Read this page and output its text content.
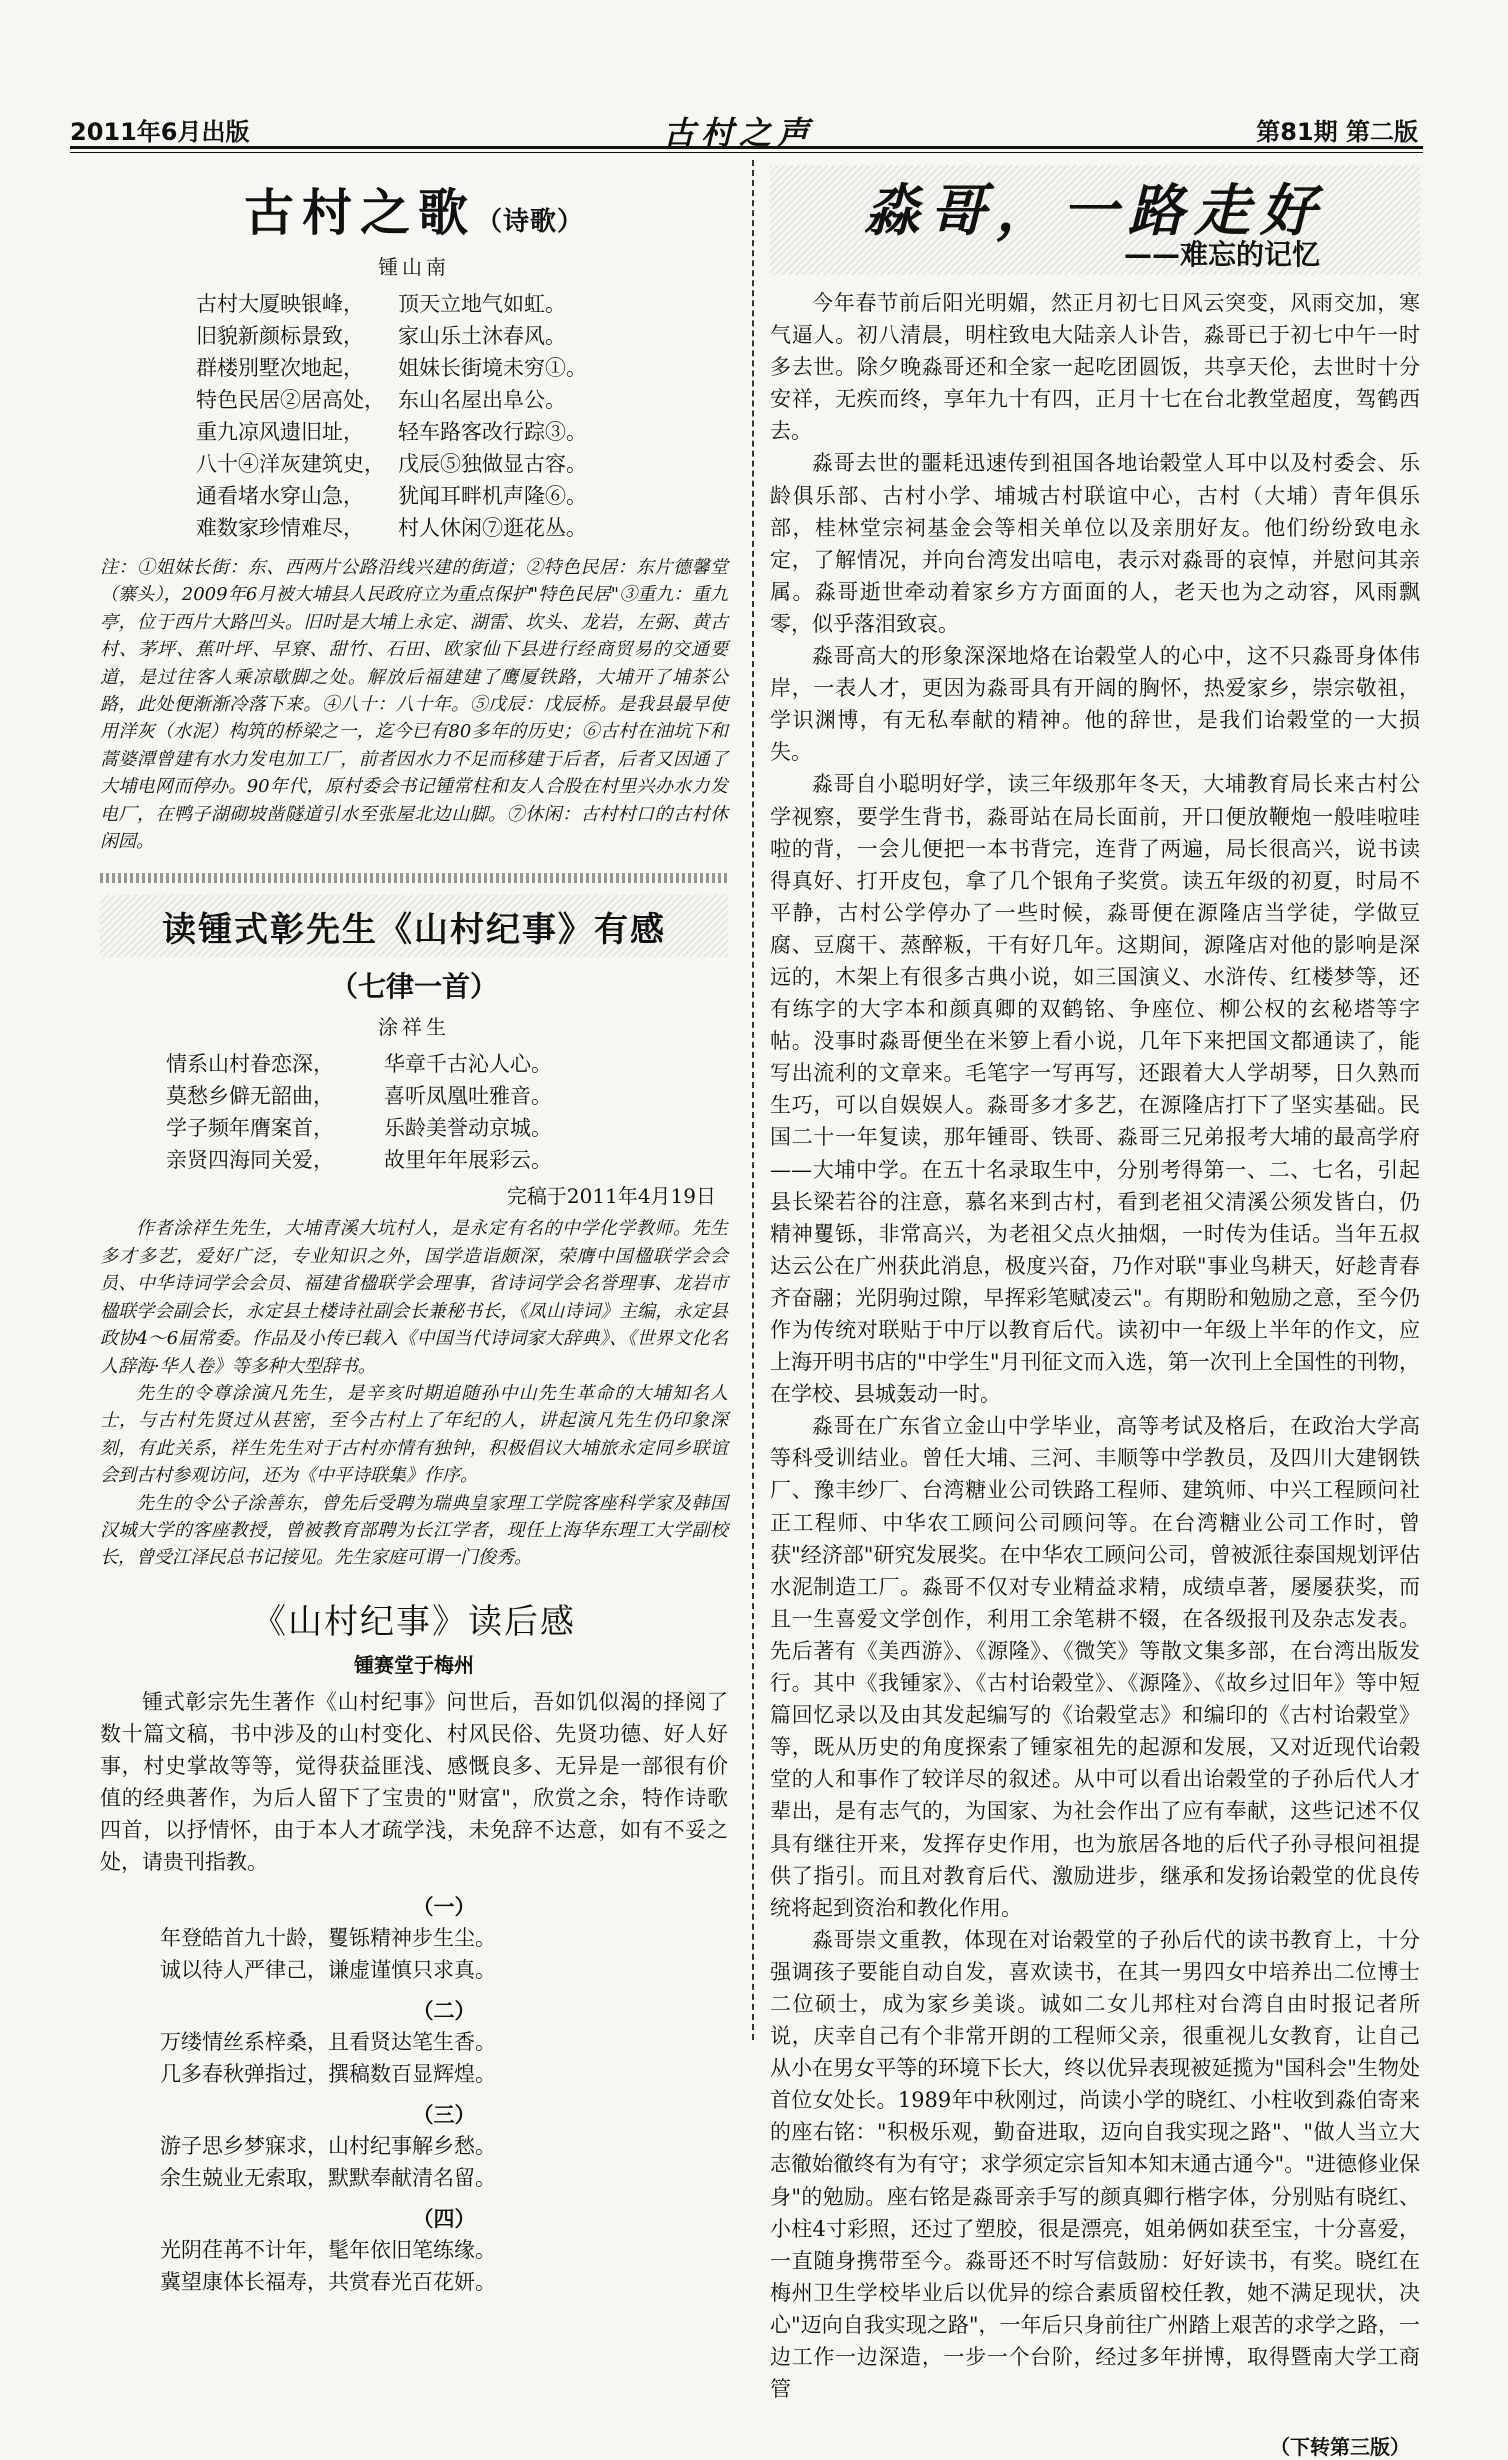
2011年6月出版	古村之声	第81期 第二版
古村之歌（诗歌）
锺山南
古村大厦映银峰， 顶天立地气如虹。
旧貌新颜标景致， 家山乐土沐春风。
群楼別墅次地起， 姐妹长街境未穷①。
特色民居②居高处， 东山名屋出阜公。
重九凉风遗旧址， 轻车路客改行踪③。
八十④洋灰建筑史， 戊辰⑤独做显古容。
通看堵水穿山急， 犹闻耳畔机声隆⑥。
难数家珍情难尽， 村人休闲⑦逛花丛。

注：①姐妹长街：东、西两片公路沿线兴建的街道；②特色民居：东片德馨堂（寨头），2009年6月被大埔县人民政府立为重点保护"特色民居"③重九：重九亭，位于西片大路凹头。旧时是大埔上永定、湖雷、坎头、龙岩，左弼、黄古村、茅坪、蕉叶坪、早寮、甜竹、石田、欧家仙下县进行经商贸易的交通要道，是过往客人乘凉歇脚之处。解放后福建建了鹰厦铁路，大埔开了埔茶公路，此处便渐渐冷落下来。④八十：八十年。⑤戊辰：戊辰桥。是我县最早使用洋灰（水泥）构筑的桥梁之一，迄今已有80多年的历史；⑥古村在油坑下和蒿婆潭曾建有水力发电加工厂，前者因水力不足而移建于后者，后者又因通了大埔电网而停办。90年代，原村委会书记锺常柱和友人合股在村里兴办水力发电厂，在鸭子湖砌坡凿隧道引水至张屋北边山脚。⑦休闲：古村村口的古村休闲园。

读锺式彰先生《山村纪事》有感
（七律一首）
涂祥生
情系山村眷恋深， 华章千古沁人心。
莫愁乡僻无韶曲， 喜听凤凰吐雅音。
学子频年膺案首， 乐龄美誉动京城。
亲贤四海同关爱， 故里年年展彩云。
完稿于2011年4月19日

作者涂祥生先生，大埔青溪大坑村人，是永定有名的中学化学教师。先生多才多艺，爱好广泛，专业知识之外，国学造诣颇深，荣膺中国楹联学会会员、中华诗词学会会员、福建省楹联学会理事，省诗词学会名誉理事、龙岩市楹联学会副会长，永定县土楼诗社副会长兼秘书长，《凤山诗词》主编，永定县政协4～6届常委。作品及小传已载入《中国当代诗词家大辞典》、《世界文化名人辞海·华人卷》等多种大型辞书。

先生的令尊涂演凡先生，是辛亥时期追随孙中山先生革命的大埔知名人士，与古村先贤过从甚密，至今古村上了年纪的人，讲起演凡先生仍印象深刻，有此关系，祥生先生对于古村亦情有独钟，积极倡议大埔旅永定同乡联谊会到古村参观访问，还为《中平诗联集》作序。

先生的令公子涂善东，曾先后受聘为瑞典皇家理工学院客座科学家及韩国汉城大学的客座教授，曾被教育部聘为长江学者，现任上海华东理工大学副校长，曾受江泽民总书记接见。先生家庭可谓一门俊秀。

《山村纪事》读后感
锺赛堂于梅州

锺式彰宗先生著作《山村纪事》问世后，吾如饥似渴的择阅了数十篇文稿，书中涉及的山村变化、村风民俗、先贤功德、好人好事，村史掌故等等，觉得获益匪浅、感慨良多、无异是一部很有价值的经典著作，为后人留下了宝贵的"财富"，欣赏之余，特作诗歌四首，以抒情怀，由于本人才疏学浅，未免辞不达意，如有不妥之处，请贵刊指教。

（一）
年登皓首九十龄，矍铄精神步生尘。
诚以待人严律己，谦虚谨慎只求真。
（二）
万缕情丝系梓桑，且看贤达笔生香。
几多春秋弹指过，撰稿数百显辉煌。
（三）
游子思乡梦寐求，山村纪事解乡愁。
余生兢业无索取，默默奉献清名留。
（四）
光阴荏苒不计年，髦年依旧笔练缘。
冀望康体长福寿，共赏春光百花妍。
淼哥，一路走好
——难忘的记忆

今年春节前后阳光明媚，然正月初七日风云突变，风雨交加，寒气逼人。初八清晨，明柱致电大陆亲人讣告，淼哥已于初七中午一时多去世。除夕晚淼哥还和全家一起吃团圆饭，共享天伦，去世时十分安祥，无疾而终，享年九十有四，正月十七在台北教堂超度，驾鹤西去。

淼哥去世的噩耗迅速传到祖国各地诒榖堂人耳中以及村委会、乐龄俱乐部、古村小学、埔城古村联谊中心，古村（大埔）青年俱乐部，桂林堂宗祠基金会等相关单位以及亲朋好友。他们纷纷致电永定，了解情况，并向台湾发出唁电，表示对淼哥的哀悼，并慰问其亲属。淼哥逝世牵动着家乡方方面面的人，老天也为之动容，风雨飘零，似乎落泪致哀。

淼哥高大的形象深深地烙在诒榖堂人的心中，这不只淼哥身体伟岸，一表人才，更因为淼哥具有开阔的胸怀，热爱家乡，崇宗敬祖，学识渊博，有无私奉献的精神。他的辞世，是我们诒榖堂的一大损失。

淼哥自小聪明好学，读三年级那年冬天，大埔教育局长来古村公学视察，要学生背书，淼哥站在局长面前，开口便放鞭炮一般哇啦哇啦的背，一会儿便把一本书背完，连背了两遍，局长很高兴，说书读得真好、打开皮包，拿了几个银角子奖赏。读五年级的初夏，时局不平静，古村公学停办了一些时候，淼哥便在源隆店当学徒，学做豆腐、豆腐干、蒸醉粄，干有好几年。这期间，源隆店对他的影响是深远的，木架上有很多古典小说，如三国演义、水浒传、红楼梦等，还有练字的大字本和颜真卿的双鹤铭、争座位、柳公权的玄秘塔等字帖。没事时淼哥便坐在米箩上看小说，几年下来把国文都通读了，能写出流利的文章来。毛笔字一写再写，还跟着大人学胡琴，日久熟而生巧，可以自娱娱人。淼哥多才多艺，在源隆店打下了坚实基础。民国二十一年复读，那年锺哥、铁哥、淼哥三兄弟报考大埔的最高学府——大埔中学。在五十名录取生中，分别考得第一、二、七名，引起县长梁若谷的注意，慕名来到古村，看到老祖父清溪公须发皆白，仍精神矍铄，非常高兴，为老祖父点火抽烟，一时传为佳话。当年五叔达云公在广州获此消息，极度兴奋，乃作对联"事业鸟耕天，好趁青春齐奋翮；光阴驹过隙，早挥彩笔赋凌云"。有期盼和勉励之意，至今仍作为传统对联贴于中厅以教育后代。读初中一年级上半年的作文，应上海开明书店的"中学生"月刊征文而入选，第一次刊上全国性的刊物，在学校、县城轰动一时。

淼哥在广东省立金山中学毕业，高等考试及格后，在政治大学高等科受训结业。曾任大埔、三河、丰顺等中学教员，及四川大建钢铁厂、豫丰纱厂、台湾糖业公司铁路工程师、建筑师、中兴工程顾问社正工程师、中华农工顾问公司顾问等。在台湾糖业公司工作时，曾获"经济部"研究发展奖。在中华农工顾问公司，曾被派往泰国规划评估水泥制造工厂。淼哥不仅对专业精益求精，成绩卓著，屡屡获奖，而且一生喜爱文学创作，利用工余笔耕不辍，在各级报刊及杂志发表。先后著有《美西游》、《源隆》、《微笑》等散文集多部，在台湾出版发行。其中《我锺家》、《古村诒榖堂》、《源隆》、《故乡过旧年》等中短篇回忆录以及由其发起编写的《诒榖堂志》和编印的《古村诒榖堂》等，既从历史的角度探索了锺家祖先的起源和发展，又对近现代诒榖堂的人和事作了较详尽的叙述。从中可以看出诒榖堂的子孙后代人才辈出，是有志气的，为国家、为社会作出了应有奉献，这些记述不仅具有继往开来，发挥存史作用，也为旅居各地的后代子孙寻根问祖提供了指引。而且对教育后代、激励进步，继承和发扬诒榖堂的优良传统将起到资治和教化作用。

淼哥崇文重教，体现在对诒榖堂的子孙后代的读书教育上，十分强调孩子要能自动自发，喜欢读书，在其一男四女中培养出二位博士二位硕士，成为家乡美谈。诚如二女儿邦柱对台湾自由时报记者所说，庆幸自己有个非常开朗的工程师父亲，很重视儿女教育，让自己从小在男女平等的环境下长大，终以优异表现被延揽为"国科会"生物处首位女处长。1989年中秋刚过，尚读小学的晓红、小柱收到淼伯寄来的座右铭："积极乐观，勤奋进取，迈向自我实现之路"、"做人当立大志徹始徹终有为有守；求学须定宗旨知本知末通古通今"。"进德修业保身"的勉励。座右铭是淼哥亲手写的颜真卿行楷字体，分别贴有晓红、小柱4寸彩照，还过了塑胶，很是漂亮，姐弟俩如获至宝，十分喜爱，一直随身携带至今。淼哥还不时写信鼓励：好好读书，有奖。晓红在梅州卫生学校毕业后以优异的综合素质留校任教，她不满足现状，决心"迈向自我实现之路"，一年后只身前往广州踏上艰苦的求学之路，一边工作一边深造，一步一个台阶，经过多年拼博，取得暨南大学工商管

（下转第三版）
